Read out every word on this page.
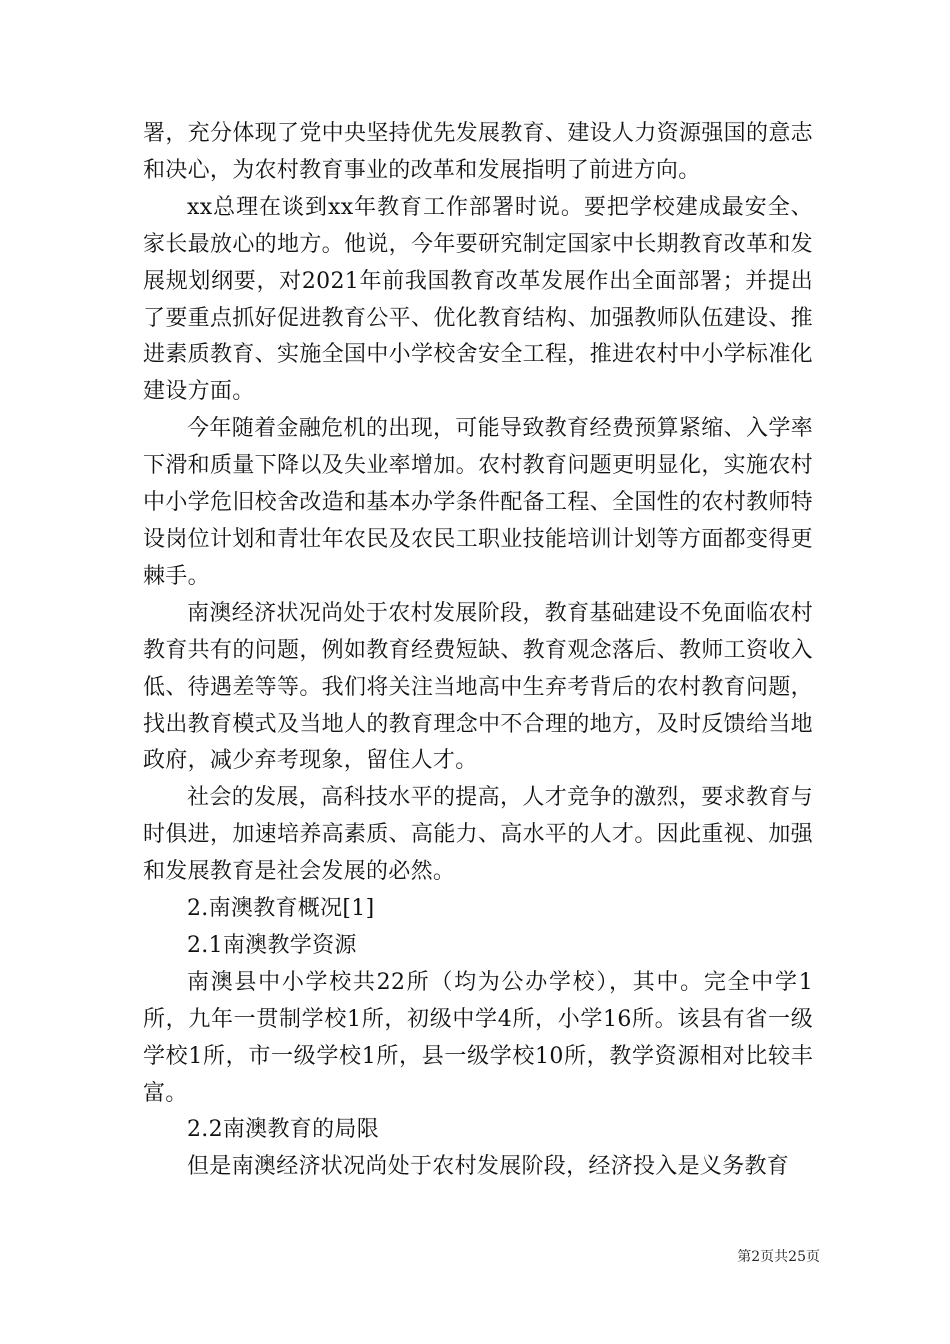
署，充分体现了党中央坚持优先发展教育、建设人力资源强国的意志和决心，为农村教育事业的改革和发展指明了前进方向。

xx总理在谈到xx年教育工作部署时说。要把学校建成最安全、家长最放心的地方。他说，今年要研究制定国家中长期教育改革和发展规划纲要，对2021年前我国教育改革发展作出全面部署；并提出了要重点抓好促进教育公平、优化教育结构、加强教师队伍建设、推进素质教育、实施全国中小学校舍安全工程，推进农村中小学标准化建设方面。

今年随着金融危机的出现，可能导致教育经费预算紧缩、入学率下滑和质量下降以及失业率增加。农村教育问题更明显化，实施农村中小学危旧校舍改造和基本办学条件配备工程、全国性的农村教师特设岗位计划和青壮年农民及农民工职业技能培训计划等方面都变得更棘手。

南澳经济状况尚处于农村发展阶段，教育基础建设不免面临农村教育共有的问题，例如教育经费短缺、教育观念落后、教师工资收入低、待遇差等等。我们将关注当地高中生弃考背后的农村教育问题，找出教育模式及当地人的教育理念中不合理的地方，及时反馈给当地政府，减少弃考现象，留住人才。

社会的发展，高科技水平的提高，人才竞争的激烈，要求教育与时俱进，加速培养高素质、高能力、高水平的人才。因此重视、加强和发展教育是社会发展的必然。

2.南澳教育概况[1]

2.1南澳教学资源

南澳县中小学校共22所（均为公办学校），其中。完全中学1所，九年一贯制学校1所，初级中学4所，小学16所。该县有省一级学校1所，市一级学校1所，县一级学校10所，教学资源相对比较丰富。

2.2南澳教育的局限

但是南澳经济状况尚处于农村发展阶段，经济投入是义务教育

第2页共25页
